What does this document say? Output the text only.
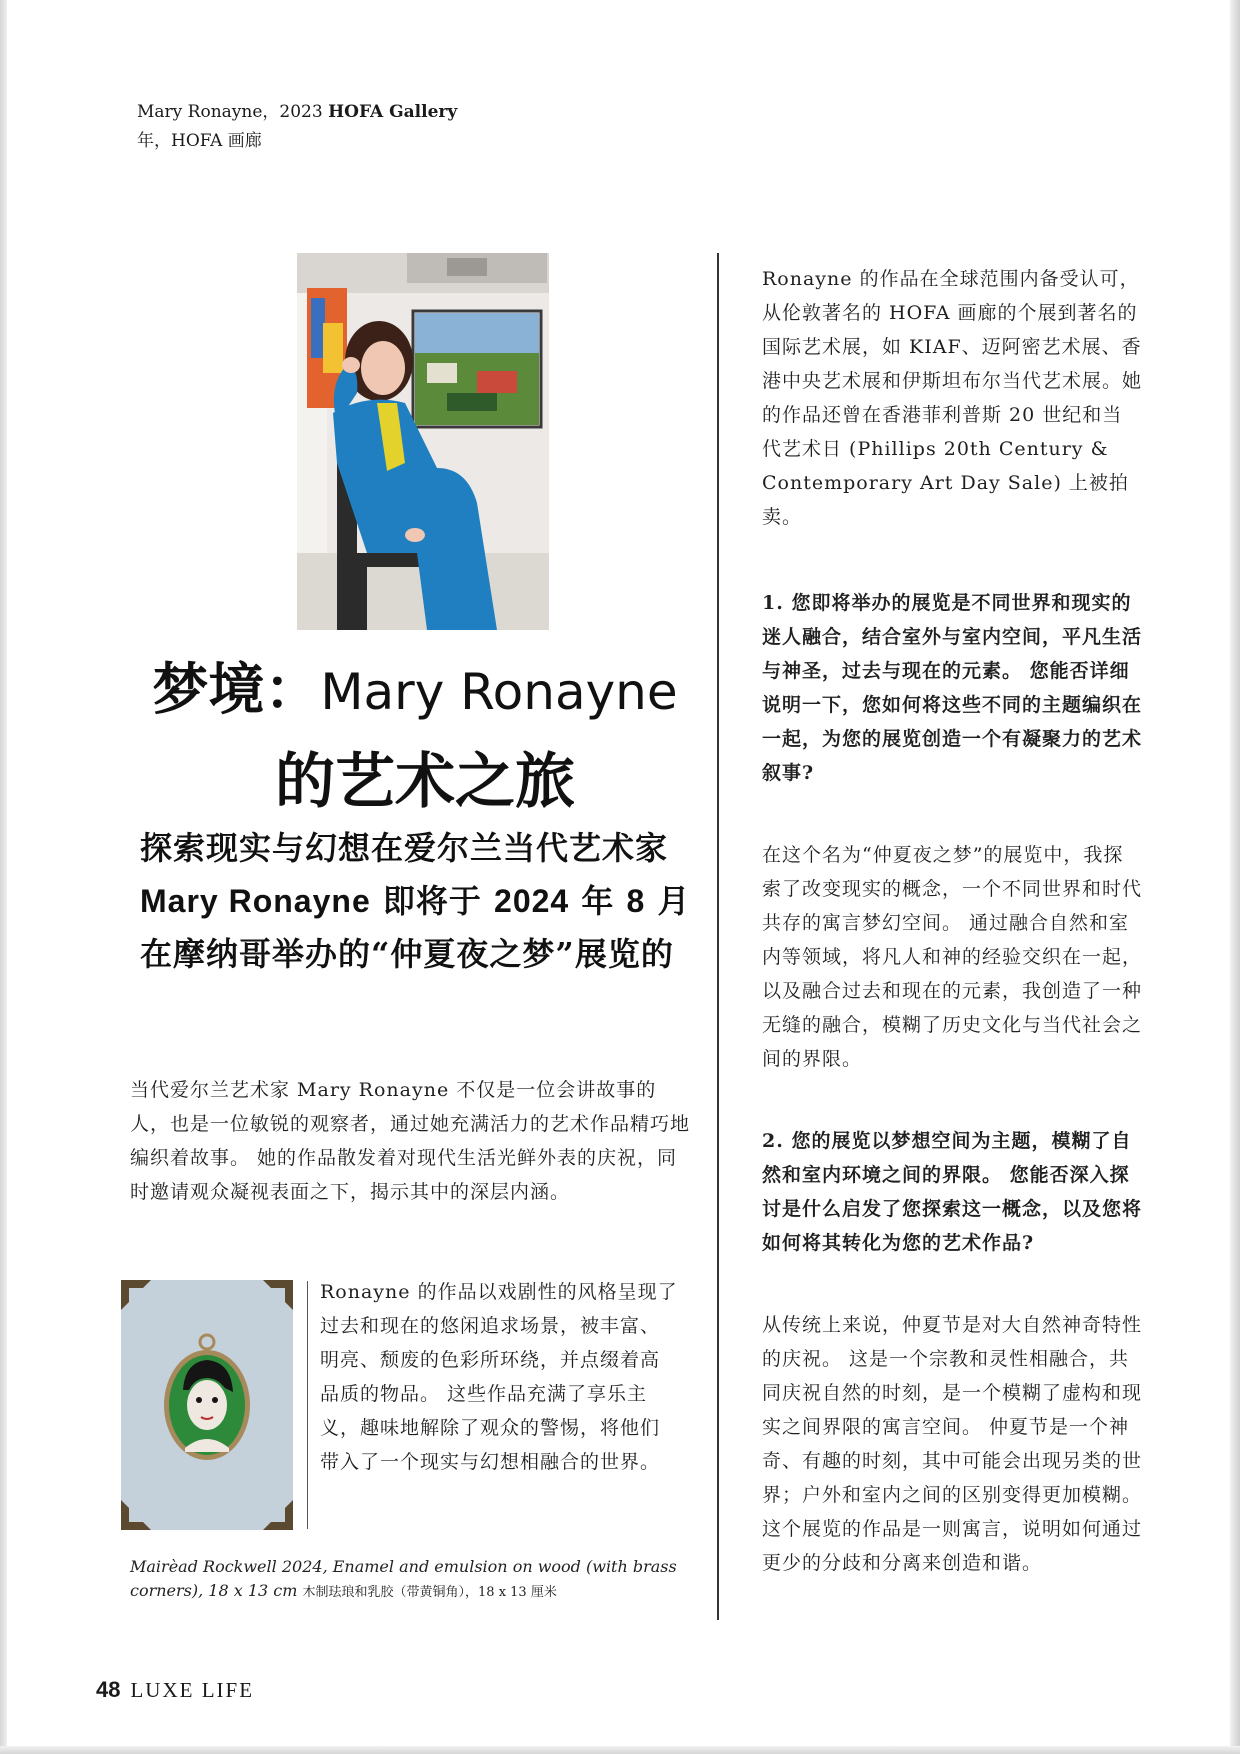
Mary Ronayne，2023 HOFA Gallery
年，HOFA 画廊
梦境：Mary Ronayne
的艺术之旅
探索现实与幻想在爱尔兰当代艺术家
Mary Ronayne 即将于 2024 年 8 月
在摩纳哥举办的“仲夏夜之梦”展览的
当代爱尔兰艺术家 Mary Ronayne 不仅是一位会讲故事的人，也是一位敏锐的观察者，通过她充满活力的艺术作品精巧地编织着故事。 她的作品散发着对现代生活光鲜外表的庆祝，同时邀请观众凝视表面之下，揭示其中的深层内涵。
Ronayne 的作品以戏剧性的风格呈现了过去和现在的悠闲追求场景，被丰富、明亮、颓废的色彩所环绕，并点缀着高品质的物品。 这些作品充满了享乐主义，趣味地解除了观众的警惕，将他们带入了一个现实与幻想相融合的世界。
Mairèad Rockwell 2024, Enamel and emulsion on wood (with brass corners), 18 x 13 cm 木制珐琅和乳胶（带黄铜角），18 x 13 厘米

Ronayne 的作品在全球范围内备受认可，从伦敦著名的 HOFA 画廊的个展到著名的国际艺术展，如 KIAF、迈阿密艺术展、香港中央艺术展和伊斯坦布尔当代艺术展。她的作品还曾在香港菲利普斯 20 世纪和当代艺术日 (Phillips 20th Century & Contemporary Art Day Sale) 上被拍卖。

1. 您即将举办的展览是不同世界和现实的迷人融合，结合室外与室内空间，平凡生活与神圣，过去与现在的元素。 您能否详细说明一下，您如何将这些不同的主题编织在一起，为您的展览创造一个有凝聚力的艺术叙事?

在这个名为“仲夏夜之梦”的展览中，我探索了改变现实的概念，一个不同世界和时代共存的寓言梦幻空间。 通过融合自然和室内等领域，将凡人和神的经验交织在一起，以及融合过去和现在的元素，我创造了一种无缝的融合，模糊了历史文化与当代社会之间的界限。

2. 您的展览以梦想空间为主题，模糊了自然和室内环境之间的界限。 您能否深入探讨是什么启发了您探索这一概念，以及您将如何将其转化为您的艺术作品?

从传统上来说，仲夏节是对大自然神奇特性的庆祝。 这是一个宗教和灵性相融合，共同庆祝自然的时刻，是一个模糊了虚构和现实之间界限的寓言空间。 仲夏节是一个神奇、有趣的时刻，其中可能会出现另类的世界；户外和室内之间的区别变得更加模糊。 这个展览的作品是一则寓言，说明如何通过更少的分歧和分离来创造和谐。

48 LUXE LIFE
